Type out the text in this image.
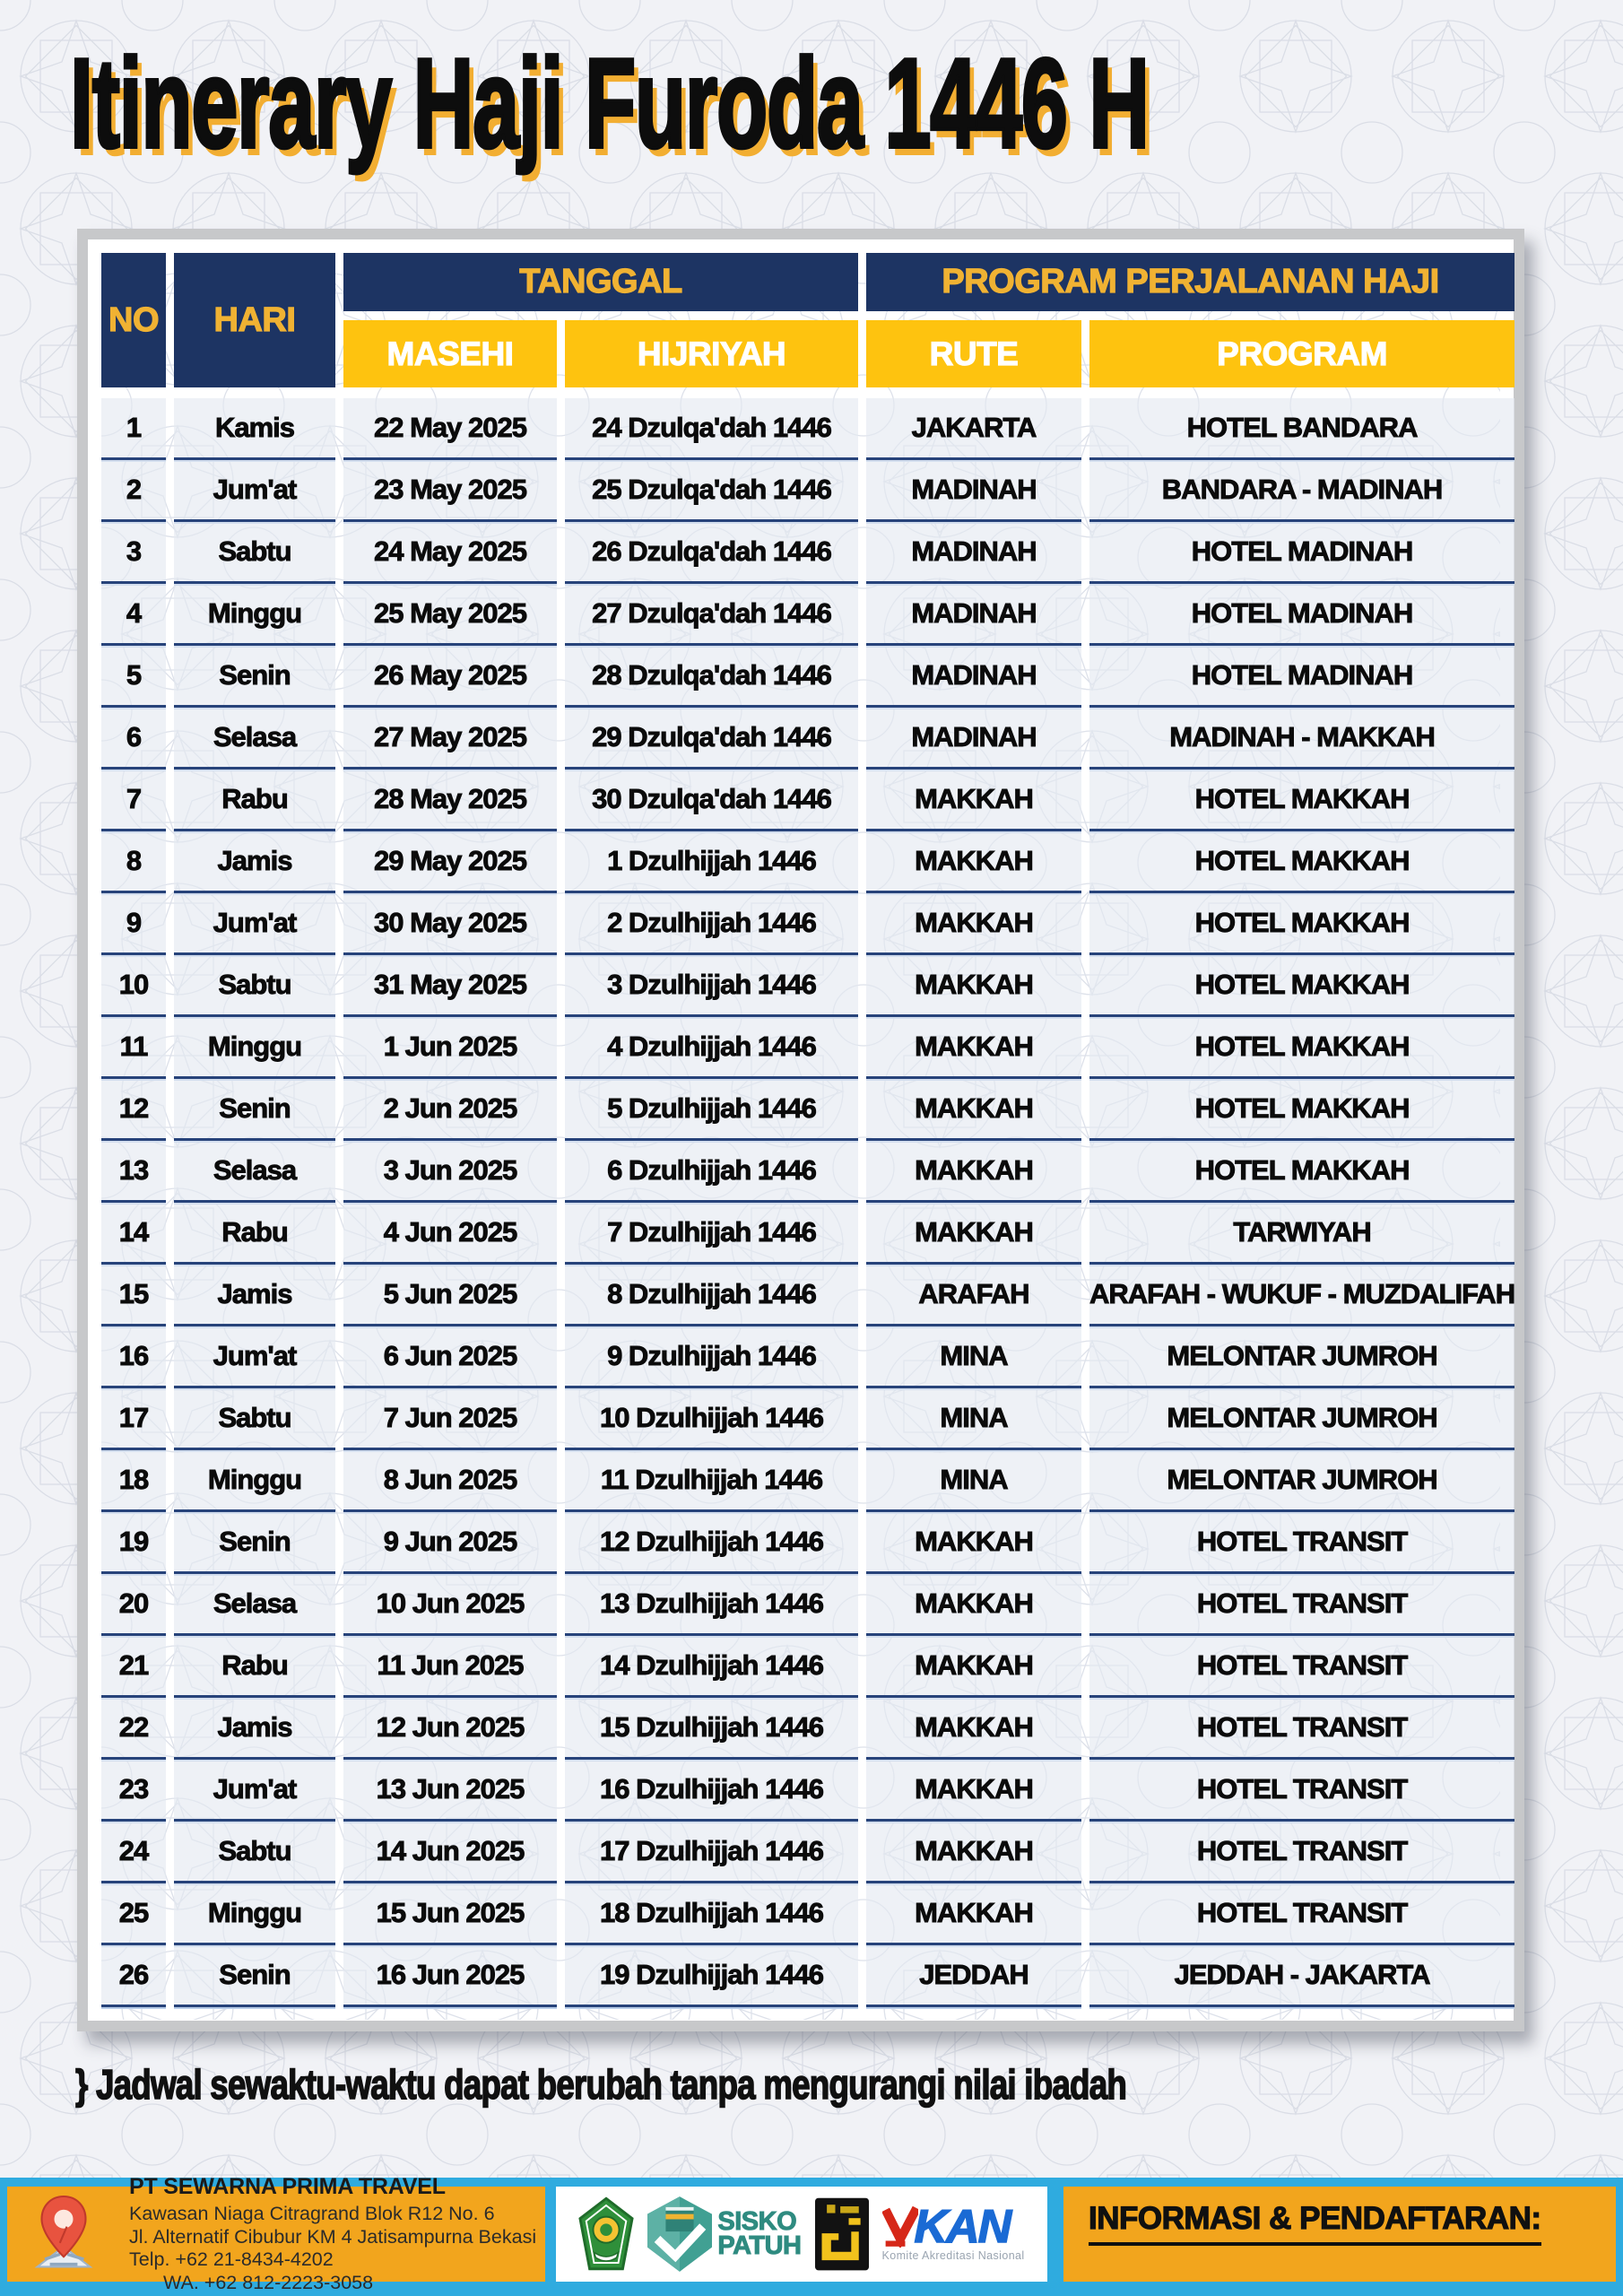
Itinerary Haji Furoda 1446 H
NO	HARI
TANGGAL	PROGRAM PERJALANAN HAJI
MASEHI	HIJRIYAH	RUTE	PROGRAM
1	Kamis	22 May 2025	24 Dzulqa'dah 1446	JAKARTA	HOTEL BANDARA
2	Jum'at	23 May 2025	25 Dzulqa'dah 1446	MADINAH	BANDARA - MADINAH
3	Sabtu	24 May 2025	26 Dzulqa'dah 1446	MADINAH	HOTEL MADINAH
4	Minggu	25 May 2025	27 Dzulqa'dah 1446	MADINAH	HOTEL MADINAH
5	Senin	26 May 2025	28 Dzulqa'dah 1446	MADINAH	HOTEL MADINAH
6	Selasa	27 May 2025	29 Dzulqa'dah 1446	MADINAH	MADINAH - MAKKAH
7	Rabu	28 May 2025	30 Dzulqa'dah 1446	MAKKAH	HOTEL MAKKAH
8	Jamis	29 May 2025	1 Dzulhijjah 1446	MAKKAH	HOTEL MAKKAH
9	Jum'at	30 May 2025	2 Dzulhijjah 1446	MAKKAH	HOTEL MAKKAH
10	Sabtu	31 May 2025	3 Dzulhijjah 1446	MAKKAH	HOTEL MAKKAH
11	Minggu	1 Jun 2025	4 Dzulhijjah 1446	MAKKAH	HOTEL MAKKAH
12	Senin	2 Jun 2025	5 Dzulhijjah 1446	MAKKAH	HOTEL MAKKAH
13	Selasa	3 Jun 2025	6 Dzulhijjah 1446	MAKKAH	HOTEL MAKKAH
14	Rabu	4 Jun 2025	7 Dzulhijjah 1446	MAKKAH	TARWIYAH
15	Jamis	5 Jun 2025	8 Dzulhijjah 1446	ARAFAH	ARAFAH - WUKUF - MUZDALIFAH
16	Jum'at	6 Jun 2025	9 Dzulhijjah 1446	MINA	MELONTAR JUMROH
17	Sabtu	7 Jun 2025	10 Dzulhijjah 1446	MINA	MELONTAR JUMROH
18	Minggu	8 Jun 2025	11 Dzulhijjah 1446	MINA	MELONTAR JUMROH
19	Senin	9 Jun 2025	12 Dzulhijjah 1446	MAKKAH	HOTEL TRANSIT
20	Selasa	10 Jun 2025	13 Dzulhijjah 1446	MAKKAH	HOTEL TRANSIT
21	Rabu	11 Jun 2025	14 Dzulhijjah 1446	MAKKAH	HOTEL TRANSIT
22	Jamis	12 Jun 2025	15 Dzulhijjah 1446	MAKKAH	HOTEL TRANSIT
23	Jum'at	13 Jun 2025	16 Dzulhijjah 1446	MAKKAH	HOTEL TRANSIT
24	Sabtu	14 Jun 2025	17 Dzulhijjah 1446	MAKKAH	HOTEL TRANSIT
25	Minggu	15 Jun 2025	18 Dzulhijjah 1446	MAKKAH	HOTEL TRANSIT
26	Senin	16 Jun 2025	19 Dzulhijjah 1446	JEDDAH	JEDDAH - JAKARTA
} Jadwal sewaktu-waktu dapat berubah tanpa mengurangi nilai ibadah
PT SEWARNA PRIMA TRAVEL
Kawasan Niaga Citragrand Blok R12 No. 6
Jl. Alternatif Cibubur KM 4 Jatisampurna Bekasi
Telp. +62 21-8434-4202 WA. +62 812-2223-3058
SISKO
PATUH KAN
Komite Akreditasi Nasional
INFORMASI & PENDAFTARAN:
